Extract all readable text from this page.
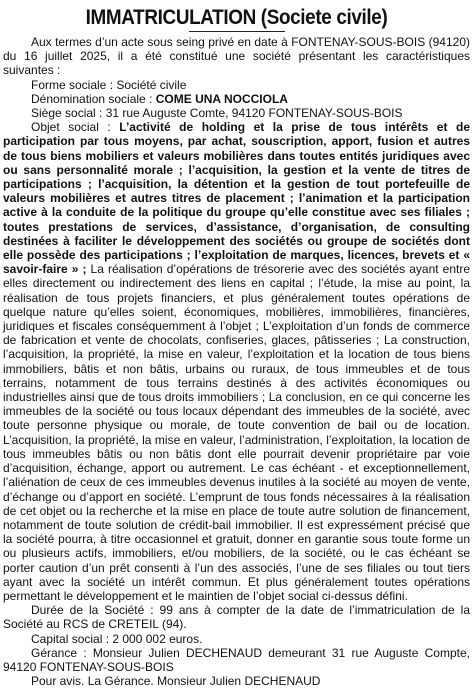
IMMATRICULATION (Societe civile)

Aux termes d’un acte sous seing privé en date à FONTENAY-SOUS-BOIS (94120) du 16 juillet 2025, il a été constitué une société présentant les caractéristiques suivantes :

Forme sociale : Société civile

Dénomination sociale : COME UNA NOCCIOLA

Siège social : 31 rue Auguste Comte, 94120 FONTENAY-SOUS-BOIS

Objet social : L’activité de holding et la prise de tous intérêts et de participation par tous moyens, par achat, souscription, apport, fusion et autres de tous biens mobiliers et valeurs mobilières dans toutes entités juridiques avec ou sans personnalité morale ; l’acquisition, la gestion et la vente de titres de participations ; l’acquisition, la détention et la gestion de tout portefeuille de valeurs mobilières et autres titres de placement ; l’animation et la participation active à la conduite de la politique du groupe qu’elle constitue avec ses filiales ; toutes prestations de services, d’assistance, d’organisation, de consulting destinées à faciliter le développement des sociétés ou groupe de sociétés dont elle possède des participations ; l’exploitation de marques, licences, brevets et « savoir-faire » ; La réalisation d’opérations de trésorerie avec des sociétés ayant entre elles directement ou indirectement des liens en capital ; l’étude, la mise au point, la réalisation de tous projets financiers, et plus généralement toutes opérations de quelque nature qu’elles soient, économiques, mobilières, immobilières, financières, juridiques et fiscales conséquemment à l’objet ; L’exploitation d’un fonds de commerce de fabrication et vente de chocolats, confiseries, glaces, pâtisseries ; La construction, l’acquisition, la propriété, la mise en valeur, l’exploitation et la location de tous biens immobiliers, bâtis et non bâtis, urbains ou ruraux, de tous immeubles et de tous terrains, notamment de tous terrains destinés à des activités économiques ou industrielles ainsi que de tous droits immobiliers ; La conclusion, en ce qui concerne les immeubles de la société ou tous locaux dépendant des immeubles de la société, avec toute personne physique ou morale, de toute convention de bail ou de location. L’acquisition, la propriété, la mise en valeur, l’administration, l’exploitation, la location de tous immeubles bâtis ou non bâtis dont elle pourrait devenir propriétaire par voie d’acquisition, échange, apport ou autrement. Le cas échéant - et exceptionnellement, l’aliénation de ceux de ces immeubles devenus inutiles à la société au moyen de vente, d’échange ou d’apport en société. L’emprunt de tous fonds nécessaires à la réalisation de cet objet ou la recherche et la mise en place de toute autre solution de financement, notamment de toute solution de crédit-bail immobilier. Il est expressément précisé que la société pourra, à titre occasionnel et gratuit, donner en garantie sous toute forme un ou plusieurs actifs, immobiliers, et/ou mobiliers, de la société, ou le cas échéant se porter caution d’un prêt consenti à l’un des associés, l’une de ses filiales ou tout tiers ayant avec la société un intérêt commun. Et plus généralement toutes opérations permettant le développement et le maintien de l’objet social ci-dessus défini.

Durée de la Société : 99 ans à compter de la date de l’immatriculation de la Société au RCS de CRETEIL (94).

Capital social : 2 000 002 euros.

Gérance : Monsieur Julien DECHENAUD demeurant 31 rue Auguste Compte, 94120 FONTENAY-SOUS-BOIS

Pour avis. La Gérance. Monsieur Julien DECHENAUD
